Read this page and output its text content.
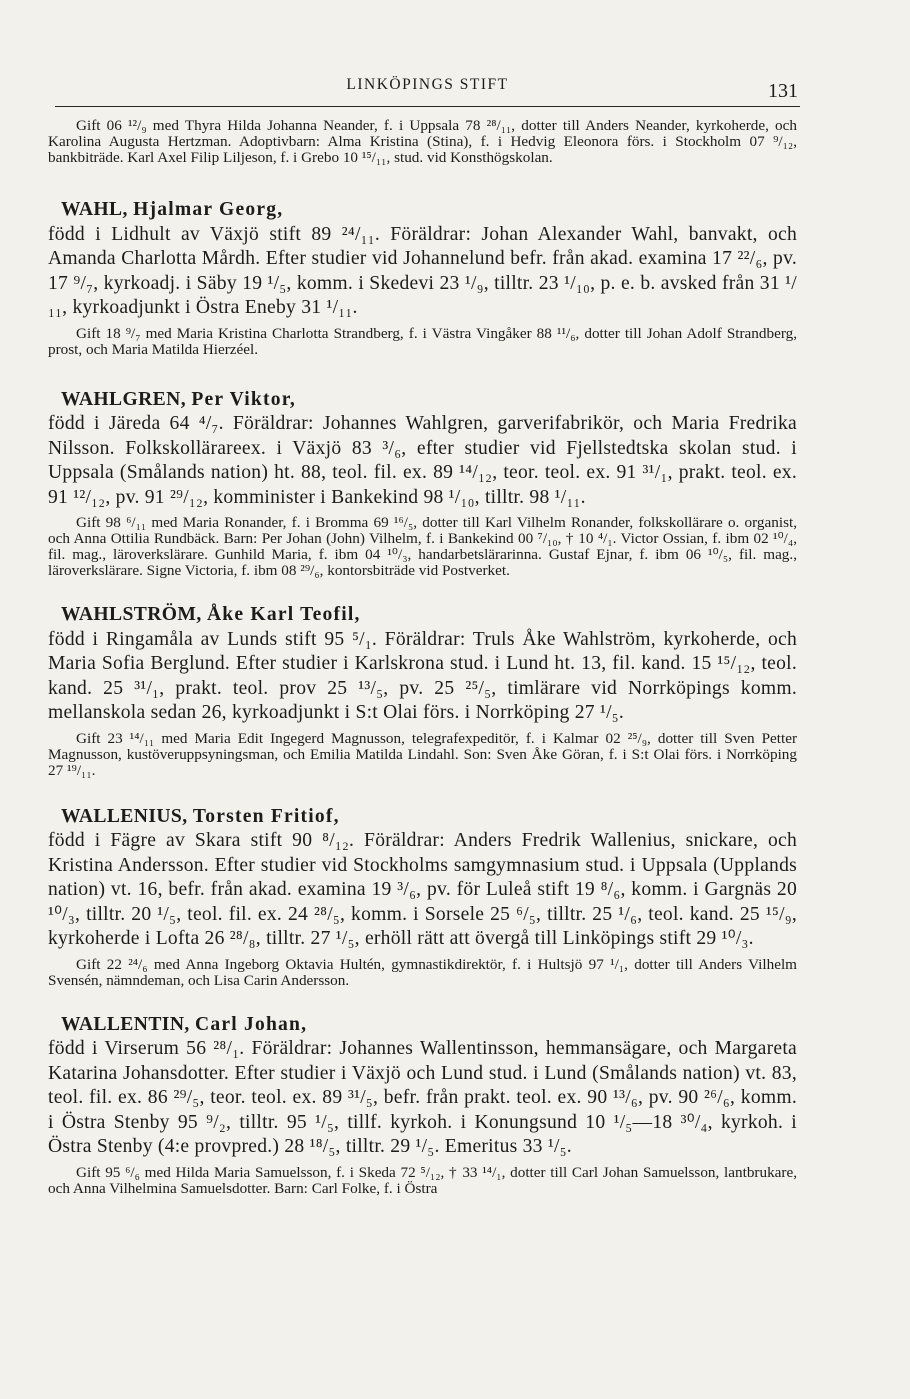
LINKÖPINGS STIFT	131

Gift 06 ¹²/₉ med Thyra Hilda Johanna Neander, f. i Uppsala 78 ²⁸/₁₁, dotter till Anders Neander, kyrkoherde, och Karolina Augusta Hertzman. Adoptivbarn: Alma Kristina (Stina), f. i Hedvig Eleonora förs. i Stockholm 07 ⁹/₁₂, bankbiträde. Karl Axel Filip Liljeson, f. i Grebo 10 ¹⁵/₁₁, stud. vid Konsthögskolan.

WAHL, Hjalmar Georg,
född i Lidhult av Växjö stift 89 ²⁴/₁₁. Föräldrar: Johan Alexander Wahl, banvakt, och Amanda Charlotta Mårdh. Efter studier vid Johannelund befr. från akad. examina 17 ²²/₆, pv. 17 ⁹/₇, kyrkoadj. i Säby 19 ¹/₅, komm. i Skedevi 23 ¹/₉, tilltr. 23 ¹/₁₀, p. e. b. avsked från 31 ¹/₁₁, kyrkoadjunkt i Östra Eneby 31 ¹/₁₁.

Gift 18 ⁹/₇ med Maria Kristina Charlotta Strandberg, f. i Västra Vingåker 88 ¹¹/₆, dotter till Johan Adolf Strandberg, prost, och Maria Matilda Hierzéel.

WAHLGREN, Per Viktor,
född i Järeda 64 ⁴/₇. Föräldrar: Johannes Wahlgren, garverifabrikör, och Maria Fredrika Nilsson. Folkskollärareex. i Växjö 83 ³/₆, efter studier vid Fjellstedtska skolan stud. i Uppsala (Smålands nation) ht. 88, teol. fil. ex. 89 ¹⁴/₁₂, teor. teol. ex. 91 ³¹/₁, prakt. teol. ex. 91 ¹²/₁₂, pv. 91 ²⁹/₁₂, komminister i Bankekind 98 ¹/₁₀, tilltr. 98 ¹/₁₁.

Gift 98 ⁶/₁₁ med Maria Ronander, f. i Bromma 69 ¹⁶/₅, dotter till Karl Vilhelm Ronander, folkskollärare o. organist, och Anna Ottilia Rundbäck. Barn: Per Johan (John) Vilhelm, f. i Bankekind 00 ⁷/₁₀, † 10 ⁴/₁. Victor Ossian, f. ibm 02 ¹⁰/₄, fil. mag., läroverkslärare. Gunhild Maria, f. ibm 04 ¹⁰/₃, handarbetslärarinna. Gustaf Ejnar, f. ibm 06 ¹⁰/₅, fil. mag., läroverkslärare. Signe Victoria, f. ibm 08 ²⁹/₆, kontorsbiträde vid Postverket.

WAHLSTRÖM, Åke Karl Teofil,
född i Ringamåla av Lunds stift 95 ⁵/₁. Föräldrar: Truls Åke Wahlström, kyrkoherde, och Maria Sofia Berglund. Efter studier i Karlskrona stud. i Lund ht. 13, fil. kand. 15 ¹⁵/₁₂, teol. kand. 25 ³¹/₁, prakt. teol. prov 25 ¹³/₅, pv. 25 ²⁵/₅, timlärare vid Norrköpings komm. mellanskola sedan 26, kyrkoadjunkt i S:t Olai förs. i Norrköping 27 ¹/₅.

Gift 23 ¹⁴/₁₁ med Maria Edit Ingegerd Magnusson, telegrafexpeditör, f. i Kalmar 02 ²⁵/₉, dotter till Sven Petter Magnusson, kustöveruppsyningsman, och Emilia Matilda Lindahl. Son: Sven Åke Göran, f. i S:t Olai förs. i Norrköping 27 ¹⁹/₁₁.

WALLENIUS, Torsten Fritiof,
född i Fägre av Skara stift 90 ⁸/₁₂. Föräldrar: Anders Fredrik Wallenius, snickare, och Kristina Andersson. Efter studier vid Stockholms samgymnasium stud. i Uppsala (Upplands nation) vt. 16, befr. från akad. examina 19 ³/₆, pv. för Luleå stift 19 ⁸/₆, komm. i Gargnäs 20 ¹⁰/₃, tilltr. 20 ¹/₅, teol. fil. ex. 24 ²⁸/₅, komm. i Sorsele 25 ⁶/₅, tilltr. 25 ¹/₆, teol. kand. 25 ¹⁵/₉, kyrkoherde i Lofta 26 ²⁸/₈, tilltr. 27 ¹/₅, erhöll rätt att övergå till Linköpings stift 29 ¹⁰/₃.

Gift 22 ²⁴/₆ med Anna Ingeborg Oktavia Hultén, gymnastikdirektör, f. i Hultsjö 97 ¹/₁, dotter till Anders Vilhelm Svensén, nämndeman, och Lisa Carin Andersson.

WALLENTIN, Carl Johan,
född i Virserum 56 ²⁸/₁. Föräldrar: Johannes Wallentinsson, hemmansägare, och Margareta Katarina Johansdotter. Efter studier i Växjö och Lund stud. i Lund (Smålands nation) vt. 83, teol. fil. ex. 86 ²⁹/₅, teor. teol. ex. 89 ³¹/₅, befr. från prakt. teol. ex. 90 ¹³/₆, pv. 90 ²⁶/₆, komm. i Östra Stenby 95 ⁹/₂, tilltr. 95 ¹/₅, tillf. kyrkoh. i Konungsund 10 ¹/₅—18 ³⁰/₄, kyrkoh. i Östra Stenby (4:e provpred.) 28 ¹⁸/₅, tilltr. 29 ¹/₅. Emeritus 33 ¹/₅.

Gift 95 ⁶/₆ med Hilda Maria Samuelsson, f. i Skeda 72 ⁵/₁₂, † 33 ¹⁴/₁, dotter till Carl Johan Samuelsson, lantbrukare, och Anna Vilhelmina Samuelsdotter. Barn: Carl Folke, f. i Östra
